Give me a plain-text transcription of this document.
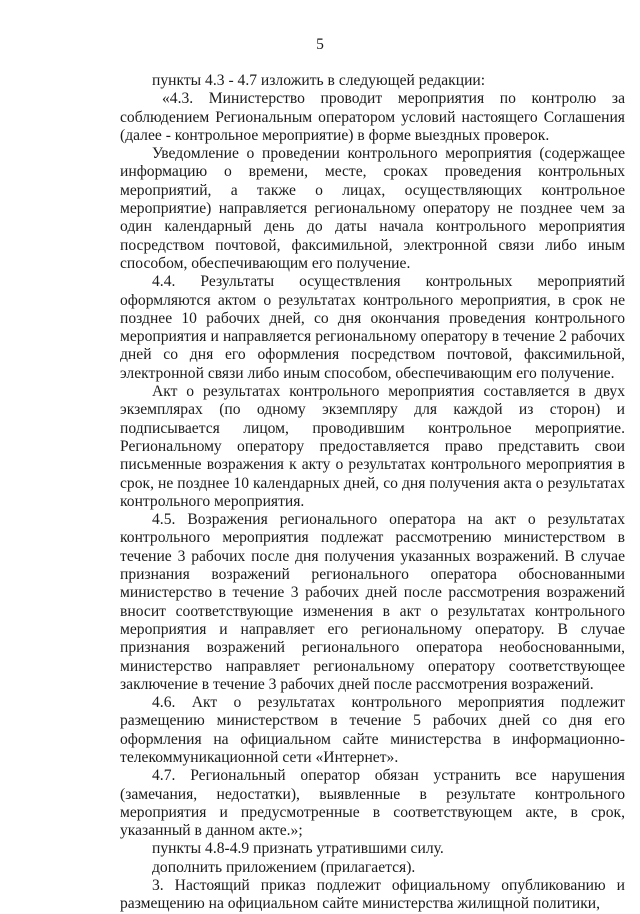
5

пункты 4.3 - 4.7 изложить в следующей редакции:

«4.3. Министерство проводит мероприятия по контролю за соблюдением Региональным оператором условий настоящего Соглашения (далее - контрольное мероприятие) в форме выездных проверок.

Уведомление о проведении контрольного мероприятия (содержащее информацию о времени, месте, сроках проведения контрольных мероприятий, а также о лицах, осуществляющих контрольное мероприятие) направляется региональному оператору не позднее чем за один календарный день до даты начала контрольного мероприятия посредством почтовой, факсимильной, электронной связи либо иным способом, обеспечивающим его получение.

4.4. Результаты осуществления контрольных мероприятий оформляются актом о результатах контрольного мероприятия, в срок не позднее 10 рабочих дней, со дня окончания проведения контрольного мероприятия и направляется региональному оператору в течение 2 рабочих дней со дня его оформления посредством почтовой, факсимильной, электронной связи либо иным способом, обеспечивающим его получение.

Акт о результатах контрольного мероприятия составляется в двух экземплярах (по одному экземпляру для каждой из сторон) и подписывается лицом, проводившим контрольное мероприятие. Региональному оператору предоставляется право представить свои письменные возражения к акту о результатах контрольного мероприятия в срок, не позднее 10 календарных дней, со дня получения акта о результатах контрольного мероприятия.

4.5. Возражения регионального оператора на акт о результатах контрольного мероприятия подлежат рассмотрению министерством в течение 3 рабочих после дня получения указанных возражений. В случае признания возражений регионального оператора обоснованными министерство в течение 3 рабочих дней после рассмотрения возражений вносит соответствующие изменения в акт о результатах контрольного мероприятия и направляет его региональному оператору. В случае признания возражений регионального оператора необоснованными, министерство направляет региональному оператору соответствующее заключение в течение 3 рабочих дней после рассмотрения возражений.

4.6. Акт о результатах контрольного мероприятия подлежит размещению министерством в течение 5 рабочих дней со дня его оформления на официальном сайте министерства в информационно-телекоммуникационной сети «Интернет».

4.7. Региональный оператор обязан устранить все нарушения (замечания, недостатки), выявленные в результате контрольного мероприятия и предусмотренные в соответствующем акте, в срок, указанный в данном акте.»;

пункты 4.8-4.9 признать утратившими силу.

дополнить приложением (прилагается).

3. Настоящий приказ подлежит официальному опубликованию и размещению на официальном сайте министерства жилищной политики,
